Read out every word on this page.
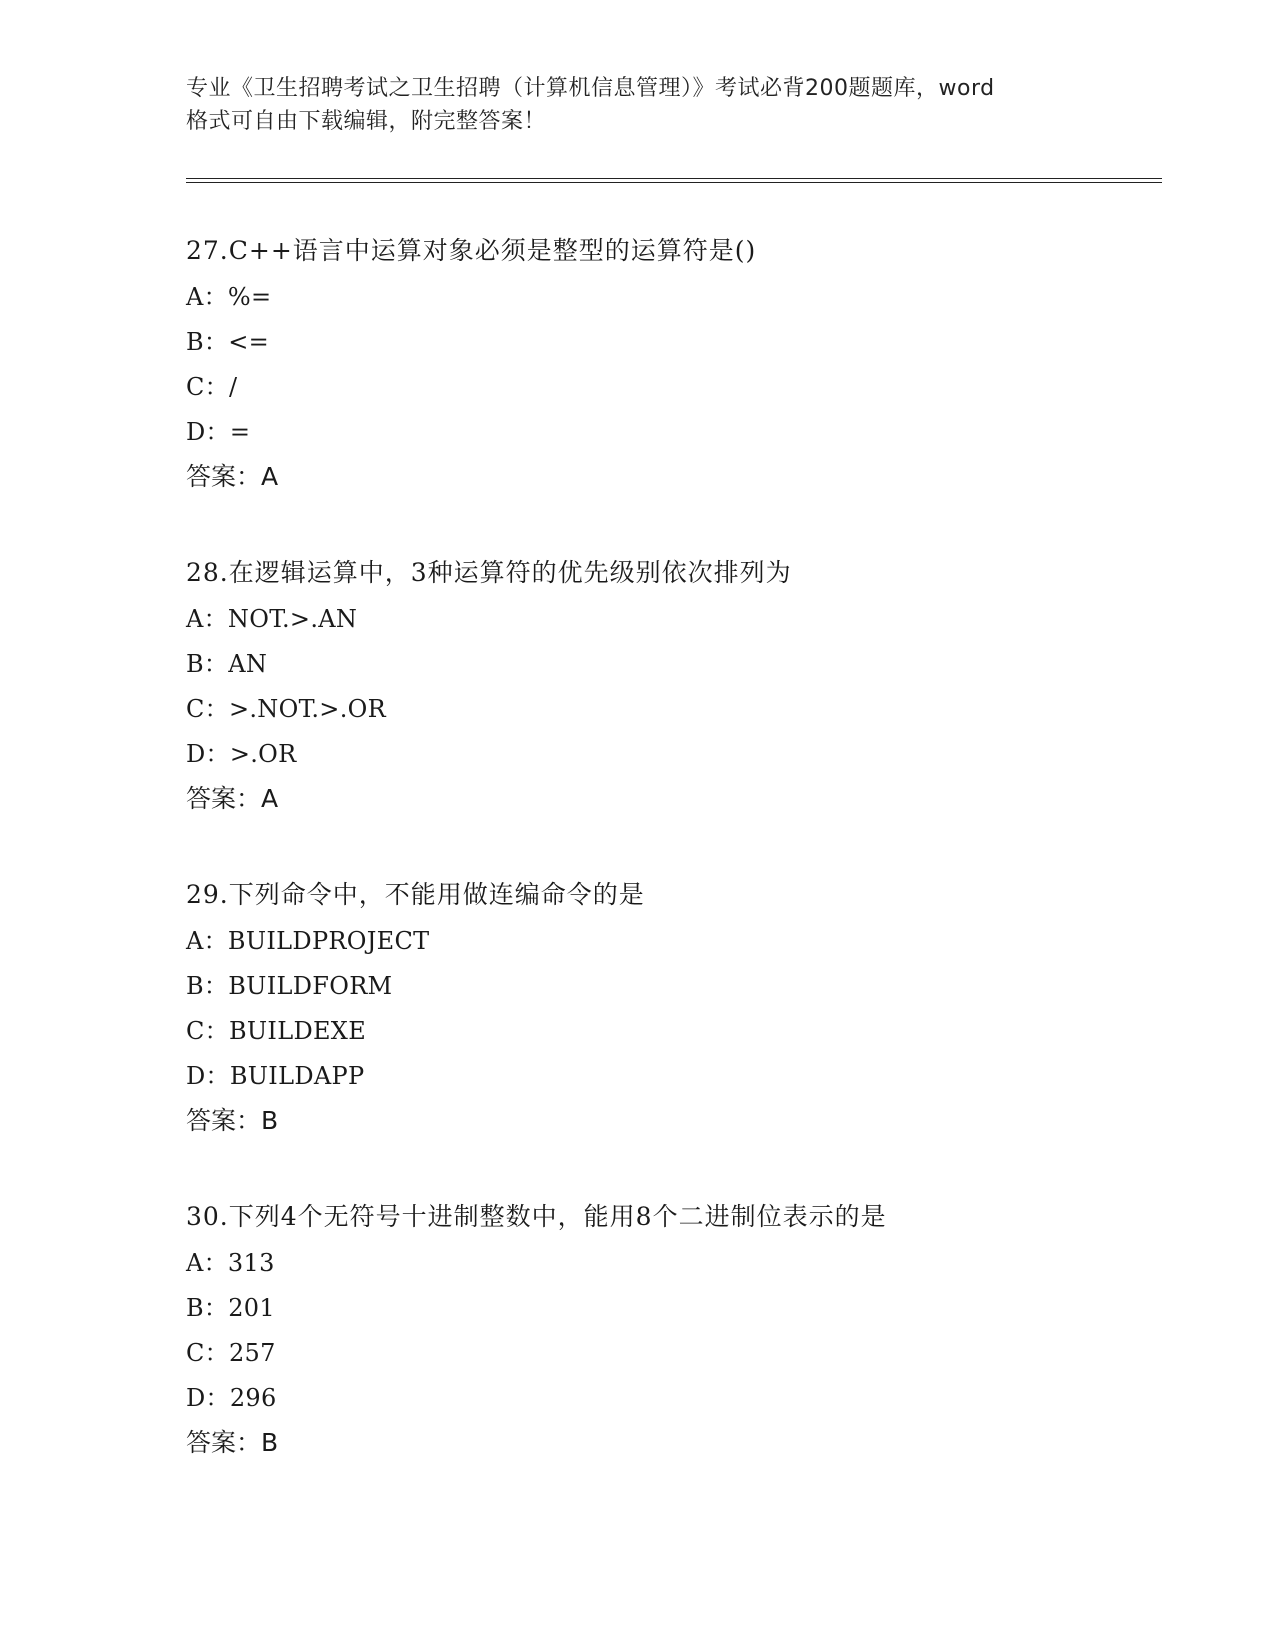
专业《卫生招聘考试之卫生招聘（计算机信息管理）》考试必背200题题库，word
格式可自由下载编辑，附完整答案！
27.C++语言中运算对象必须是整型的运算符是()
A：%=
B：<=
C：/
D：=
答案：A
28.在逻辑运算中，3种运算符的优先级别依次排列为
A：NOT.>.AN
B：AN
C：>.NOT.>.OR
D：>.OR
答案：A
29.下列命令中，不能用做连编命令的是
A：BUILDPROJECT
B：BUILDFORM
C：BUILDEXE
D：BUILDAPP
答案：B
30.下列4个无符号十进制整数中，能用8个二进制位表示的是
A：313
B：201
C：257
D：296
答案：B
